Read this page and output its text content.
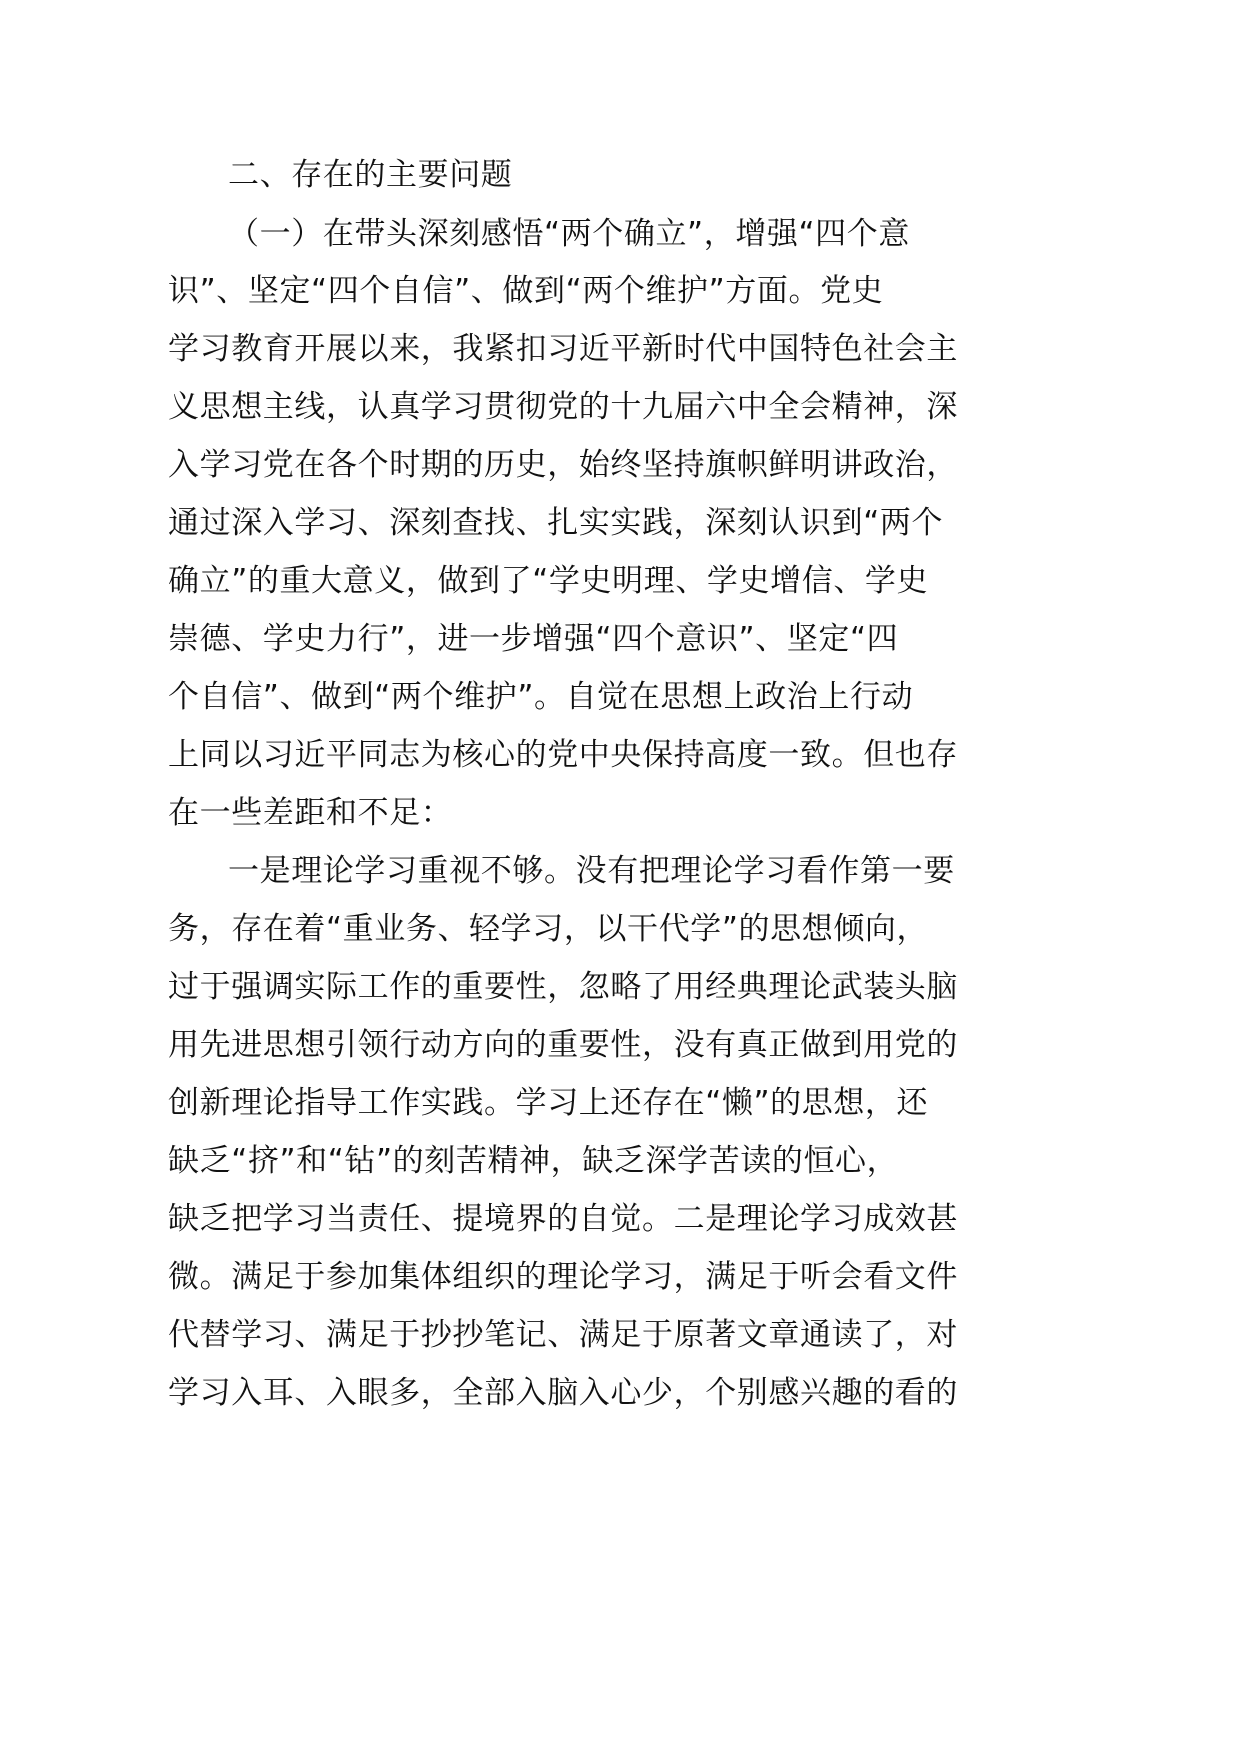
二、存在的主要问题
（一）在带头深刻感悟“两个确立”，增强“四个意
识”、坚定“四个自信”、做到“两个维护”方面。党史
学习教育开展以来，我紧扣习近平新时代中国特色社会主
义思想主线，认真学习贯彻党的十九届六中全会精神，深
入学习党在各个时期的历史，始终坚持旗帜鲜明讲政治，
通过深入学习、深刻查找、扎实实践，深刻认识到“两个
确立”的重大意义，做到了“学史明理、学史增信、学史
崇德、学史力行”，进一步增强“四个意识”、坚定“四
个自信”、做到“两个维护”。自觉在思想上政治上行动
上同以习近平同志为核心的党中央保持高度一致。但也存
在一些差距和不足：
一是理论学习重视不够。没有把理论学习看作第一要
务，存在着“重业务、轻学习，以干代学”的思想倾向，
过于强调实际工作的重要性，忽略了用经典理论武装头脑
用先进思想引领行动方向的重要性，没有真正做到用党的
创新理论指导工作实践。学习上还存在“懒”的思想，还
缺乏“挤”和“钻”的刻苦精神，缺乏深学苦读的恒心，
缺乏把学习当责任、提境界的自觉。二是理论学习成效甚
微。满足于参加集体组织的理论学习，满足于听会看文件
代替学习、满足于抄抄笔记、满足于原著文章通读了，对
学习入耳、入眼多，全部入脑入心少，个别感兴趣的看的
